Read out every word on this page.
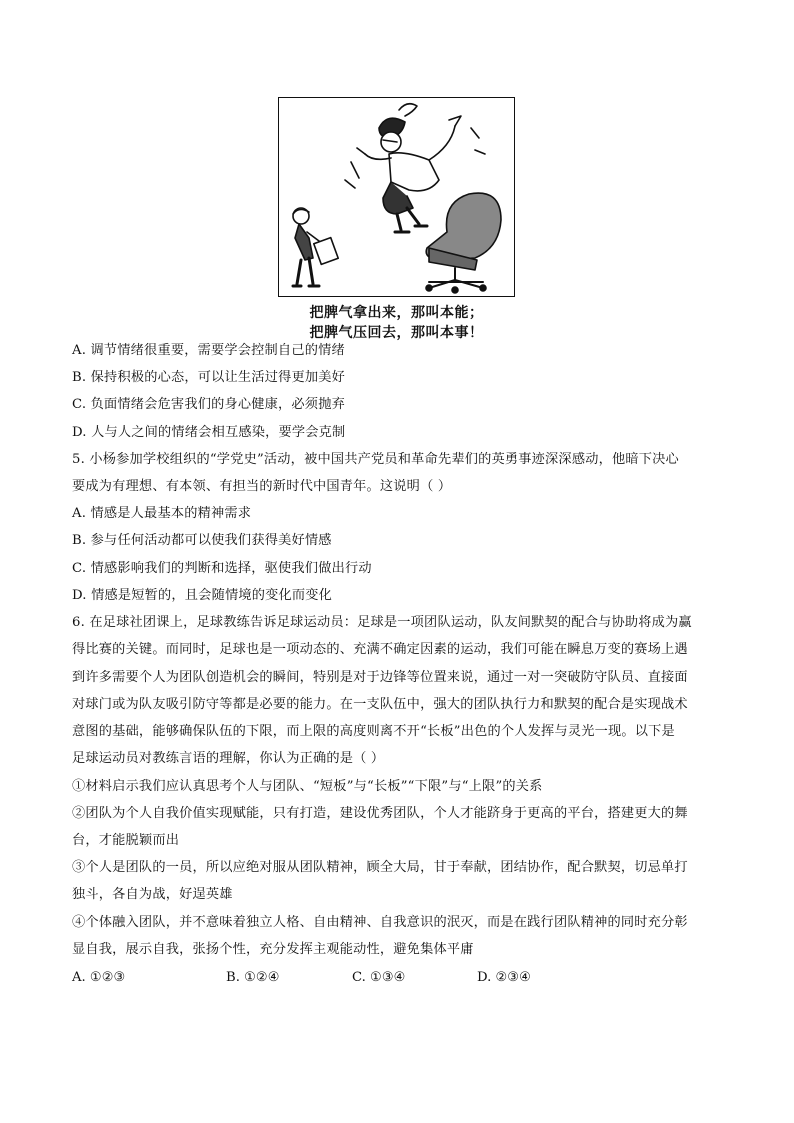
把脾气拿出来，那叫本能；
把脾气压回去，那叫本事！
A. 调节情绪很重要，需要学会控制自己的情绪
B. 保持积极的心态，可以让生活过得更加美好
C. 负面情绪会危害我们的身心健康，必须抛弃
D. 人与人之间的情绪会相互感染，要学会克制
5. 小杨参加学校组织的“学党史”活动，被中国共产党员和革命先辈们的英勇事迹深深感动，他暗下决心
要成为有理想、有本领、有担当的新时代中国青年。这说明（ ）
A. 情感是人最基本的精神需求
B. 参与任何活动都可以使我们获得美好情感
C. 情感影响我们的判断和选择，驱使我们做出行动
D. 情感是短暂的，且会随情境的变化而变化
6. 在足球社团课上，足球教练告诉足球运动员：足球是一项团队运动，队友间默契的配合与协助将成为赢
得比赛的关键。而同时，足球也是一项动态的、充满不确定因素的运动，我们可能在瞬息万变的赛场上遇
到许多需要个人为团队创造机会的瞬间，特别是对于边锋等位置来说，通过一对一突破防守队员、直接面
对球门或为队友吸引防守等都是必要的能力。在一支队伍中，强大的团队执行力和默契的配合是实现战术
意图的基础，能够确保队伍的下限，而上限的高度则离不开“长板”出色的个人发挥与灵光一现。以下是
足球运动员对教练言语的理解，你认为正确的是（ ）
①材料启示我们应认真思考个人与团队、“短板”与“长板”“下限”与“上限”的关系
②团队为个人自我价值实现赋能，只有打造，建设优秀团队，个人才能跻身于更高的平台，搭建更大的舞
台，才能脱颖而出
③个人是团队的一员，所以应绝对服从团队精神，顾全大局，甘于奉献，团结协作，配合默契，切忌单打
独斗，各自为战，好逞英雄
④个体融入团队，并不意味着独立人格、自由精神、自我意识的泯灭，而是在践行团队精神的同时充分彰
显自我，展示自我，张扬个性，充分发挥主观能动性，避免集体平庸
A. ①②③	B. ①②④	C. ①③④	D. ②③④
